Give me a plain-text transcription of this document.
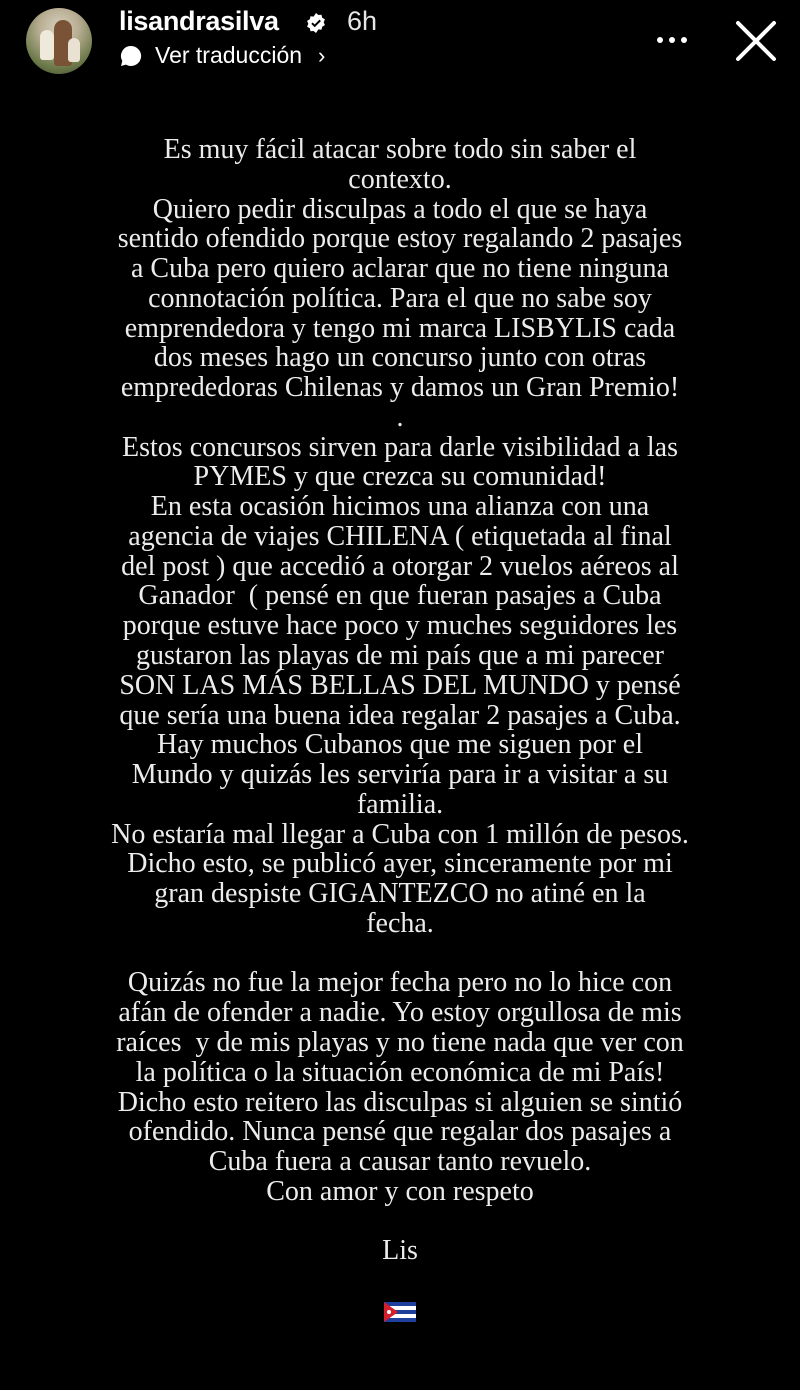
lisandrasilva	6h
Ver traducción ›
Es muy fácil atacar sobre todo sin saber el
contexto.
Quiero pedir disculpas a todo el que se haya
sentido ofendido porque estoy regalando 2 pasajes
a Cuba pero quiero aclarar que no tiene ninguna
connotación política. Para el que no sabe soy
emprendedora y tengo mi marca LISBYLIS cada
dos meses hago un concurso junto con otras
emprededoras Chilenas y damos un Gran Premio!
.
Estos concursos sirven para darle visibilidad a las
PYMES y que crezca su comunidad!
En esta ocasión hicimos una alianza con una
agencia de viajes CHILENA ( etiquetada al final
del post ) que accedió a otorgar 2 vuelos aéreos al
Ganador  ( pensé en que fueran pasajes a Cuba
porque estuve hace poco y muches seguidores les
gustaron las playas de mi país que a mi parecer
SON LAS MÁS BELLAS DEL MUNDO y pensé
que sería una buena idea regalar 2 pasajes a Cuba.
Hay muchos Cubanos que me siguen por el
Mundo y quizás les serviría para ir a visitar a su
familia.
No estaría mal llegar a Cuba con 1 millón de pesos.
Dicho esto, se publicó ayer, sinceramente por mi
gran despiste GIGANTEZCO no atiné en la
fecha.
Quizás no fue la mejor fecha pero no lo hice con
afán de ofender a nadie. Yo estoy orgullosa de mis
raíces  y de mis playas y no tiene nada que ver con
la política o la situación económica de mi País!
Dicho esto reitero las disculpas si alguien se sintió
ofendido. Nunca pensé que regalar dos pasajes a
Cuba fuera a causar tanto revuelo.
Con amor y con respeto
Lis
